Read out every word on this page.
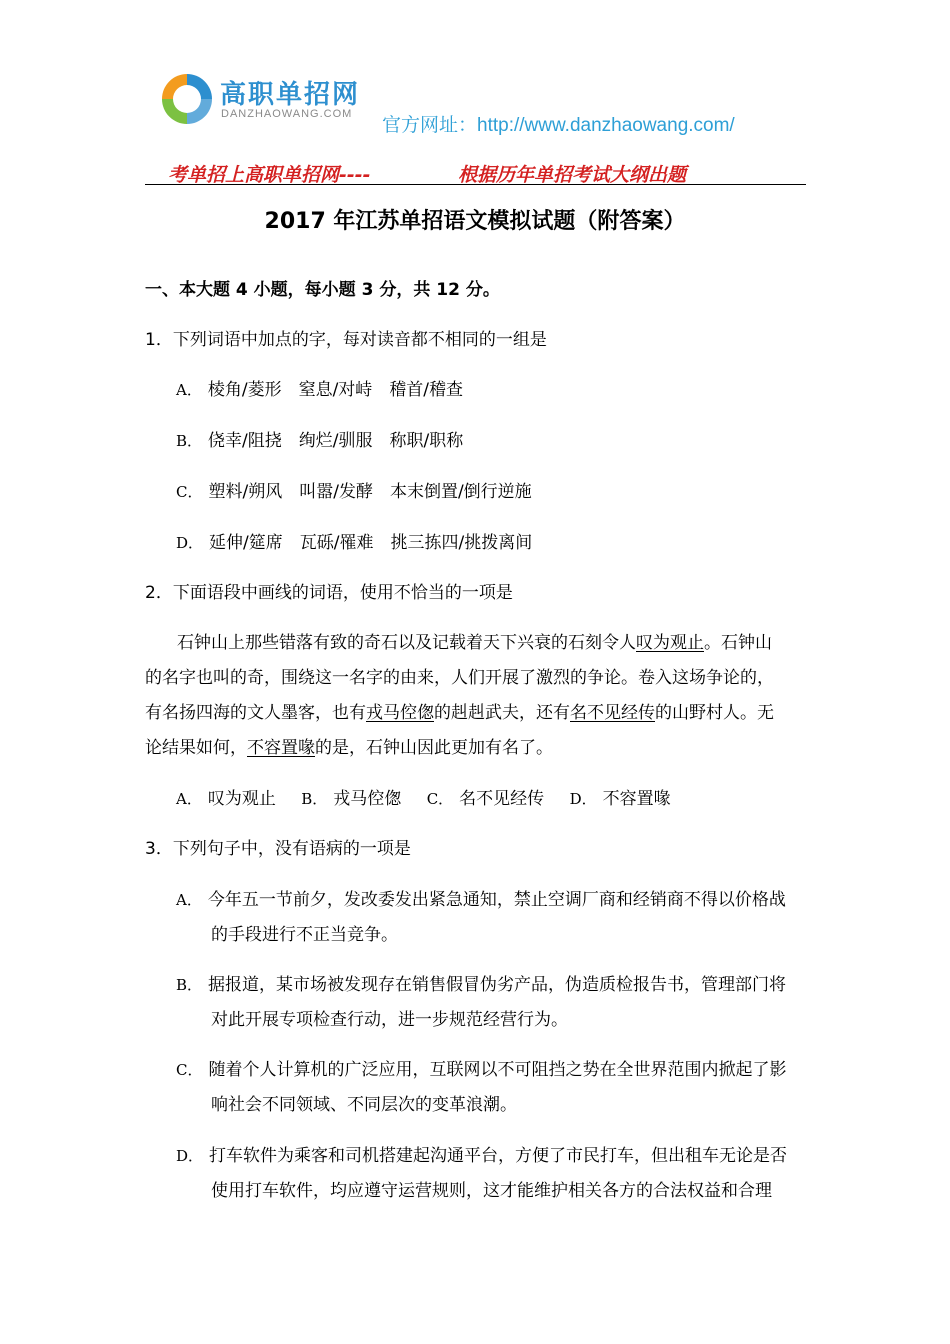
高职单招网
DANZHAOWANG.COM 官方网址：http://www.danzhaowang.com/
考单招上高职单招网----	根据历年单招考试大纲出题
2017 年江苏单招语文模拟试题（附答案）
一、本大题 4 小题，每小题 3 分，共 12 分。
1．下列词语中加点的字，每对读音都不相同的一组是
A． 棱角/菱形　窒息/对峙　稽首/稽查
B． 侥幸/阻挠　绚烂/驯服　称职/职称
C． 塑料/朔风　叫嚣/发酵　本末倒置/倒行逆施
D． 延伸/筵席　瓦砾/罹难　挑三拣四/挑拨离间
2．下面语段中画线的词语，使用不恰当的一项是
石钟山上那些错落有致的奇石以及记载着天下兴衰的石刻令人叹为观止。石钟山
的名字也叫的奇，围绕这一名字的由来，人们开展了激烈的争论。卷入这场争论的，
有名扬四海的文人墨客，也有戎马倥偬的赳赳武夫，还有名不见经传的山野村人。无
论结果如何，不容置喙的是，石钟山因此更加有名了。
A． 叹为观止 B． 戎马倥偬 C． 名不见经传 D． 不容置喙
3．下列句子中，没有语病的一项是
A． 今年五一节前夕，发改委发出紧急通知，禁止空调厂商和经销商不得以价格战
的手段进行不正当竞争。
B． 据报道，某市场被发现存在销售假冒伪劣产品，伪造质检报告书，管理部门将
对此开展专项检查行动，进一步规范经营行为。
C． 随着个人计算机的广泛应用，互联网以不可阻挡之势在全世界范围内掀起了影
响社会不同领域、不同层次的变革浪潮。
D． 打车软件为乘客和司机搭建起沟通平台，方便了市民打车，但出租车无论是否
使用打车软件，均应遵守运营规则，这才能维护相关各方的合法权益和合理
